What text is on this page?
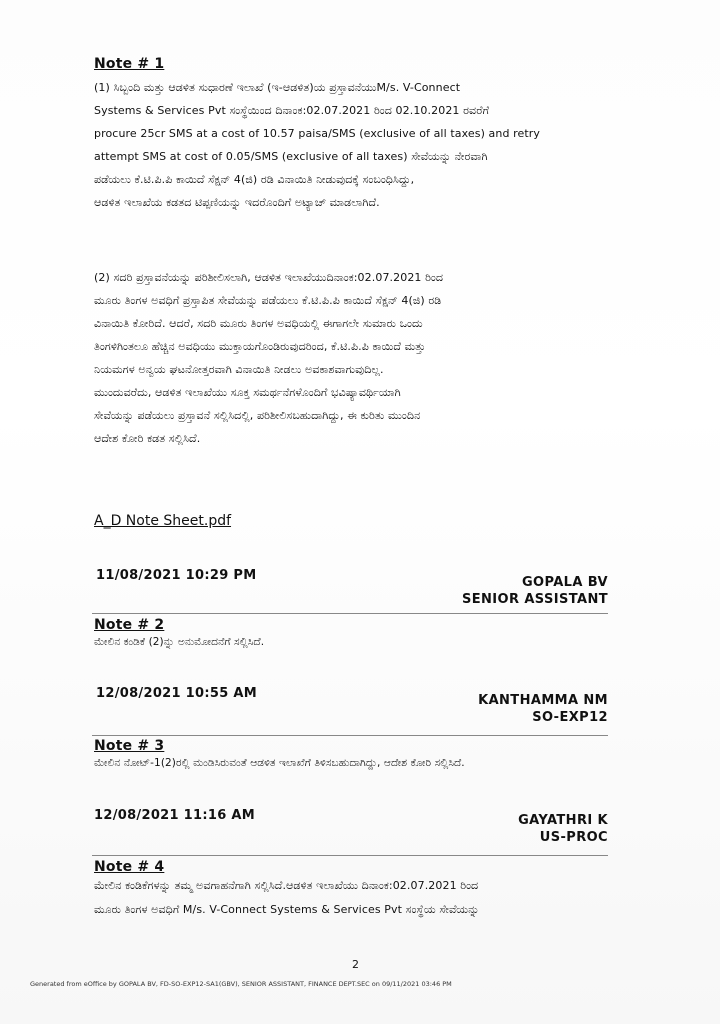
Note # 1
(1) ಸಿಬ್ಬಂದಿ ಮತ್ತು ಆಡಳಿತ ಸುಧಾರಣೆ ಇಲಾಖೆ (ಇ-ಆಡಳಿತ)ಯ ಪ್ರಸ್ತಾವನೆಯುM/s. V-Connect
Systems & Services Pvt ಸಂಸ್ಥೆಯಿಂದ ದಿನಾಂಕ:02.07.2021 ರಿಂದ 02.10.2021 ರವರೆಗೆ
procure 25cr SMS at a cost of 10.57 paisa/SMS (exclusive of all taxes) and retry
attempt SMS at cost of 0.05/SMS (exclusive of all taxes) ಸೇವೆಯನ್ನು ನೇರವಾಗಿ
ಪಡೆಯಲು ಕೆ.ಟಿ.ಪಿ.ಪಿ ಕಾಯಿದೆ ಸೆಕ್ಷನ್ 4(ಜಿ) ರಡಿ ವಿನಾಯಿತಿ ನೀಡುವುದಕ್ಕೆ ಸಂಬಂಧಿಸಿದ್ದು,
ಆಡಳಿತ ಇಲಾಖೆಯ ಕಡತದ ಟಿಪ್ಪಣಿಯನ್ನು ಇದರೊಂದಿಗೆ ಅಟ್ಯಾಚ್ ಮಾಡಲಾಗಿದೆ.
(2) ಸದರಿ ಪ್ರಸ್ತಾವನೆಯನ್ನು ಪರಿಶೀಲಿಸಲಾಗಿ, ಆಡಳಿತ ಇಲಾಖೆಯುದಿನಾಂಕ:02.07.2021 ರಿಂದ
ಮೂರು ತಿಂಗಳ ಅವಧಿಗೆ ಪ್ರಸ್ತಾಪಿತ ಸೇವೆಯನ್ನು ಪಡೆಯಲು ಕೆ.ಟಿ.ಪಿ.ಪಿ ಕಾಯಿದೆ ಸೆಕ್ಷನ್ 4(ಜಿ) ರಡಿ
ವಿನಾಯಿತಿ ಕೋರಿದೆ. ಆದರೆ, ಸದರಿ ಮೂರು ತಿಂಗಳ ಅವಧಿಯಲ್ಲಿ ಈಗಾಗಲೇ ಸುಮಾರು ಒಂದು
ತಿಂಗಳಿಗಿಂತಲೂ ಹೆಚ್ಚಿನ ಅವಧಿಯು ಮುಕ್ತಾಯಗೊಂಡಿರುವುದರಿಂದ, ಕೆ.ಟಿ.ಪಿ.ಪಿ ಕಾಯಿದೆ ಮತ್ತು
ನಿಯಮಗಳ ಅನ್ವಯ ಘಟನೋತ್ತರವಾಗಿ ವಿನಾಯಿತಿ ನೀಡಲು ಅವಕಾಶವಾಗುವುದಿಲ್ಲ.
ಮುಂದುವರೆದು, ಆಡಳಿತ ಇಲಾಖೆಯು ಸೂಕ್ತ ಸಮರ್ಥನೆಗಳೊಂದಿಗೆ ಭವಿಷ್ಯಾವರ್ಥಿಯಾಗಿ
ಸೇವೆಯನ್ನು ಪಡೆಯಲು ಪ್ರಸ್ತಾವನೆ ಸಲ್ಲಿಸಿದಲ್ಲಿ, ಪರಿಶೀಲಿಸಬಹುದಾಗಿದ್ದು, ಈ ಕುರಿತು ಮುಂದಿನ
ಆದೇಶ ಕೋರಿ ಕಡತ ಸಲ್ಲಿಸಿದೆ.
A_D Note Sheet.pdf
11/08/2021 10:29 PM	GOPALA BV
SENIOR ASSISTANT
Note # 2
ಮೇಲಿನ ಕಂಡಿಕೆ (2)ನ್ನು ಅನುಮೋದನೆಗೆ ಸಲ್ಲಿಸಿದೆ.
12/08/2021 10:55 AM	KANTHAMMA NM
SO-EXP12
Note # 3
ಮೇಲಿನ ನೋಟ್-1(2)ರಲ್ಲಿ ಮಂಡಿಸಿರುವಂತೆ ಆಡಳಿತ ಇಲಾಖೆಗೆ ತಿಳಿಸಬಹುದಾಗಿದ್ದು, ಆದೇಶ ಕೋರಿ ಸಲ್ಲಿಸಿದೆ.
12/08/2021 11:16 AM	GAYATHRI K
US-PROC
Note # 4
ಮೇಲಿನ ಕಂಡಿಕೆಗಳನ್ನು ತಮ್ಮ ಅವಗಾಹನೆಗಾಗಿ ಸಲ್ಲಿಸಿದೆ.ಆಡಳಿತ ಇಲಾಖೆಯು ದಿನಾಂಕ:02.07.2021 ರಿಂದ
ಮೂರು ತಿಂಗಳ ಅವಧಿಗೆ M/s. V-Connect Systems & Services Pvt ಸಂಸ್ಥೆಯ ಸೇವೆಯನ್ನು
2
Generated from eOffice by GOPALA BV, FD-SO-EXP12-SA1(GBV), SENIOR ASSISTANT, FINANCE DEPT.SEC on 09/11/2021 03:46 PM
